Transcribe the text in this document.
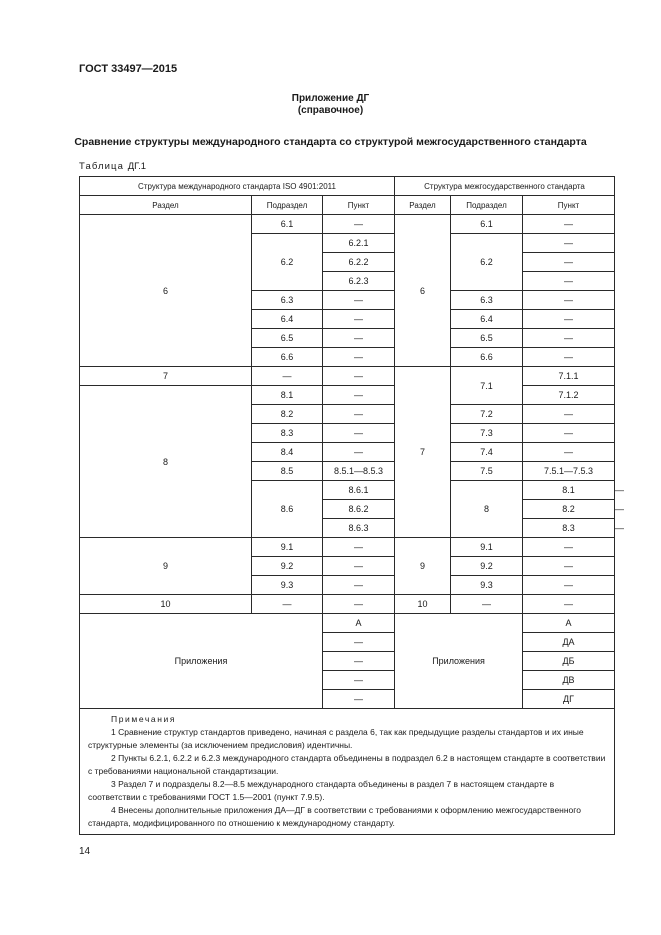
ГОСТ 33497—2015
Приложение ДГ
(справочное)
Сравнение структуры международного стандарта со структурой межгосударственного стандарта
Таблица ДГ.1
Структура международного стандарта ISO 4901:2011			Структура межгосударственного стандарта			
Раздел	Подраздел	Пункт	Раздел	Подраздел	Пункт	
6	6.1	—	6	6.1	—	
	6.2	6.2.1		6.2	—	
		6.2.2			—	
		6.2.3			—	
	6.3	—		6.3	—	
	6.4	—		6.4	—	
	6.5	—		6.5	—	
	6.6	—		6.6	—	
7	—	—	7	7.1	7.1.1	
8	8.1	—			7.1.2	
	8.2	—		7.2	—	
	8.3	—		7.3	—	
	8.4	—		7.4	—	
	8.5	8.5.1—8.5.3		7.5	7.5.1—7.5.3	
	8.6	8.6.1		8	8.1	—
		8.6.2			8.2	—
		8.6.3			8.3	—
9	9.1	—	9	9.1	—	
	9.2	—		9.2	—	
	9.3	—		9.3	—	
10	—	—	10	—	—	
Приложения		A	Приложения		A	
		—			ДА	
		—			ДБ	
		—			ДВ	
		—			ДГ	

Примечания
1 Сравнение структур стандартов приведено, начиная с раздела 6, так как предыдущие разделы стандартов и их иные структурные элементы (за исключением предисловия) идентичны.
2 Пункты 6.2.1, 6.2.2 и 6.2.3 международного стандарта объединены в подраздел 6.2 в настоящем стандарте в соответствии с требованиями национальной стандартизации.
3 Раздел 7 и подразделы 8.2—8.5 международного стандарта объединены в раздел 7 в настоящем стандарте в соответствии с требованиями ГОСТ 1.5—2001 (пункт 7.9.5).
4 Внесены дополнительные приложения ДА—ДГ в соответствии с требованиями к оформлению межгосударственного стандарта, модифицированного по отношению к международному стандарту.						
14
